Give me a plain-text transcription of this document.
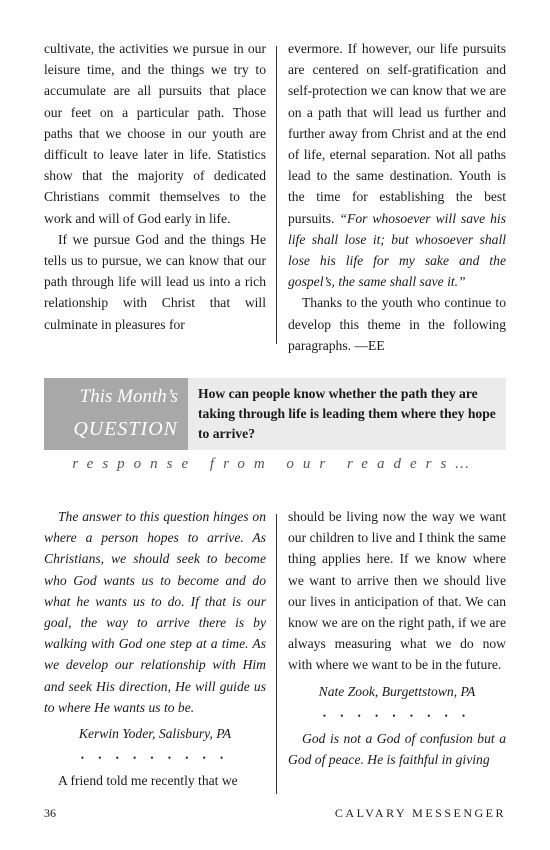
cultivate, the activities we pursue in our leisure time, and the things we try to accumulate are all pursuits that place our feet on a particular path. Those paths that we choose in our youth are difficult to leave later in life. Statistics show that the majority of dedicated Christians commit themselves to the work and will of God early in life.

If we pursue God and the things He tells us to pursue, we can know that our path through life will lead us into a rich relationship with Christ that will culminate in pleasures for

evermore. If however, our life pursuits are centered on self-gratification and self-protection we can know that we are on a path that will lead us further and further away from Christ and at the end of life, eternal separation. Not all paths lead to the same destination. Youth is the time for establishing the best pursuits. “For whosoever will save his life shall lose it; but whosoever shall lose his life for my sake and the gospel’s, the same shall save it.”

Thanks to the youth who continue to develop this theme in the following paragraphs. —EE

This Month’s
QUESTION
How can people know whether the path they are taking through life is leading them where they hope to arrive?
response from our readers…

The answer to this question hinges on where a person hopes to arrive. As Christians, we should seek to become who God wants us to become and do what he wants us to do. If that is our goal, the way to arrive there is by walking with God one step at a time. As we develop our relationship with Him and seek His direction, He will guide us to where He wants us to be.

Kerwin Yoder, Salisbury, PA

• • • • • • • • •

A friend told me recently that we

should be living now the way we want our children to live and I think the same thing applies here. If we know where we want to arrive then we should live our lives in anticipation of that. We can know we are on the right path, if we are always measuring what we do now with where we want to be in the future.

Nate Zook, Burgettstown, PA

• • • • • • • • •

God is not a God of confusion but a God of peace. He is faithful in giving

36	CALVARY MESSENGER
